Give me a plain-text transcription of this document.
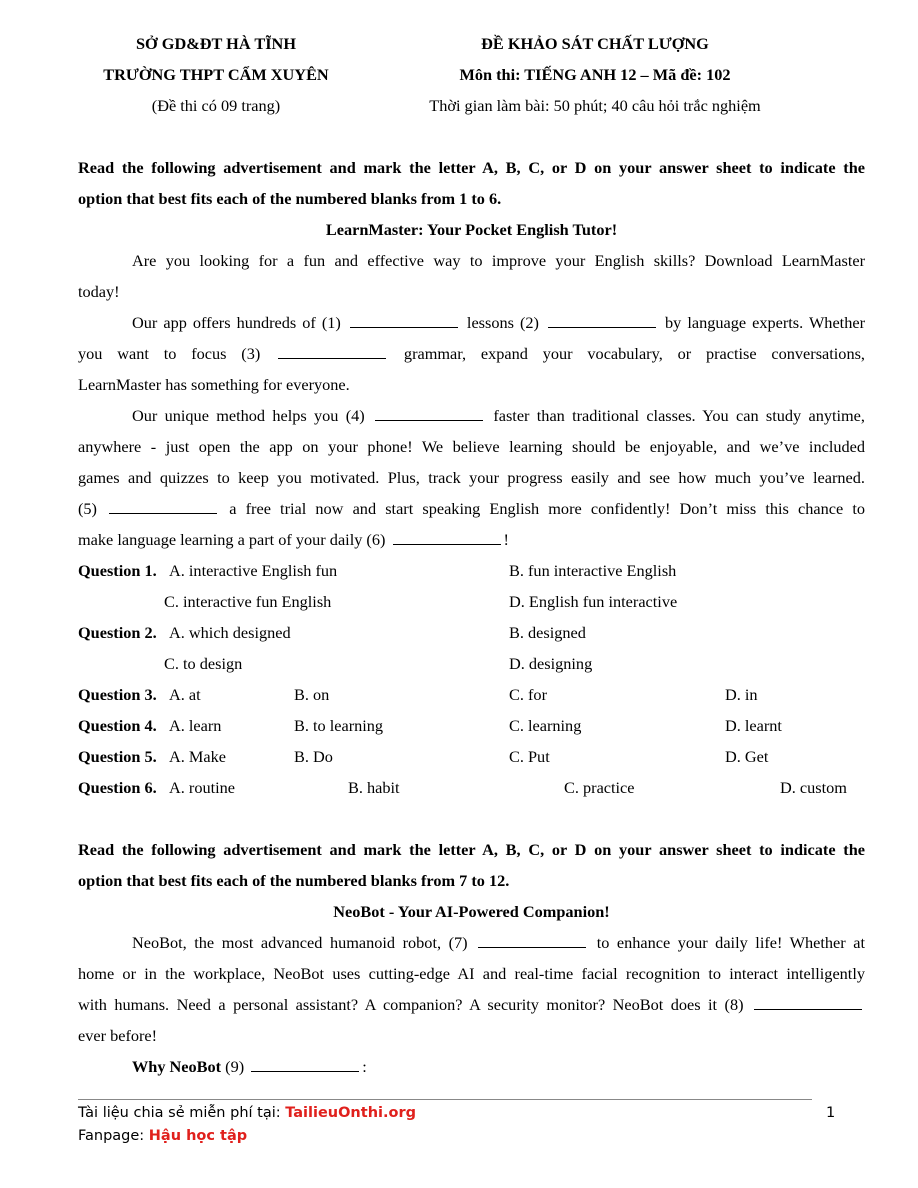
SỞ GD&ĐT HÀ TĨNH
TRƯỜNG THPT CẨM XUYÊN
(Đề thi có 09 trang)
ĐỀ KHẢO SÁT CHẤT LƯỢNG
Môn thi: TIẾNG ANH 12 – Mã đề: 102
Thời gian làm bài: 50 phút; 40 câu hỏi trắc nghiệm
Read the following advertisement and mark the letter A, B, C, or D on your answer sheet to indicate the
option that best fits each of the numbered blanks from 1 to 6.
LearnMaster: Your Pocket English Tutor!
Are you looking for a fun and effective way to improve your English skills? Download LearnMaster
today!
Our app offers hundreds of (1)	lessons (2)	by language experts. Whether
you want to focus (3)	grammar, expand your vocabulary, or practise conversations,
LearnMaster has something for everyone.
Our unique method helps you (4)	faster than traditional classes. You can study anytime,
anywhere - just open the app on your phone! We believe learning should be enjoyable, and we’ve included
games and quizzes to keep you motivated. Plus, track your progress easily and see how much you’ve learned.
(5)	a free trial now and start speaking English more confidently! Don’t miss this chance to
make language learning a part of your daily (6)	!
Question 1. A. interactive English fun	B. fun interactive English
C. interactive fun English	D. English fun interactive
Question 2. A. which designed	B. designed
C. to design	D. designing
Question 3. A. at	B. on	C. for	D. in
Question 4. A. learn	B. to learning	C. learning	D. learnt
Question 5. A. Make	B. Do	C. Put	D. Get
Question 6. A. routine	B. habit	C. practice	D. custom
Read the following advertisement and mark the letter A, B, C, or D on your answer sheet to indicate the
option that best fits each of the numbered blanks from 7 to 12.
NeoBot - Your AI-Powered Companion!
NeoBot, the most advanced humanoid robot, (7)	to enhance your daily life! Whether at
home or in the workplace, NeoBot uses cutting-edge AI and real-time facial recognition to interact intelligently
with humans. Need a personal assistant? A companion? A security monitor? NeoBot does it (8)
ever before!
Why NeoBot (9)	:
Tài liệu chia sẻ miễn phí tại: TailieuOnthi.org
Fanpage: Hậu học tập
1
